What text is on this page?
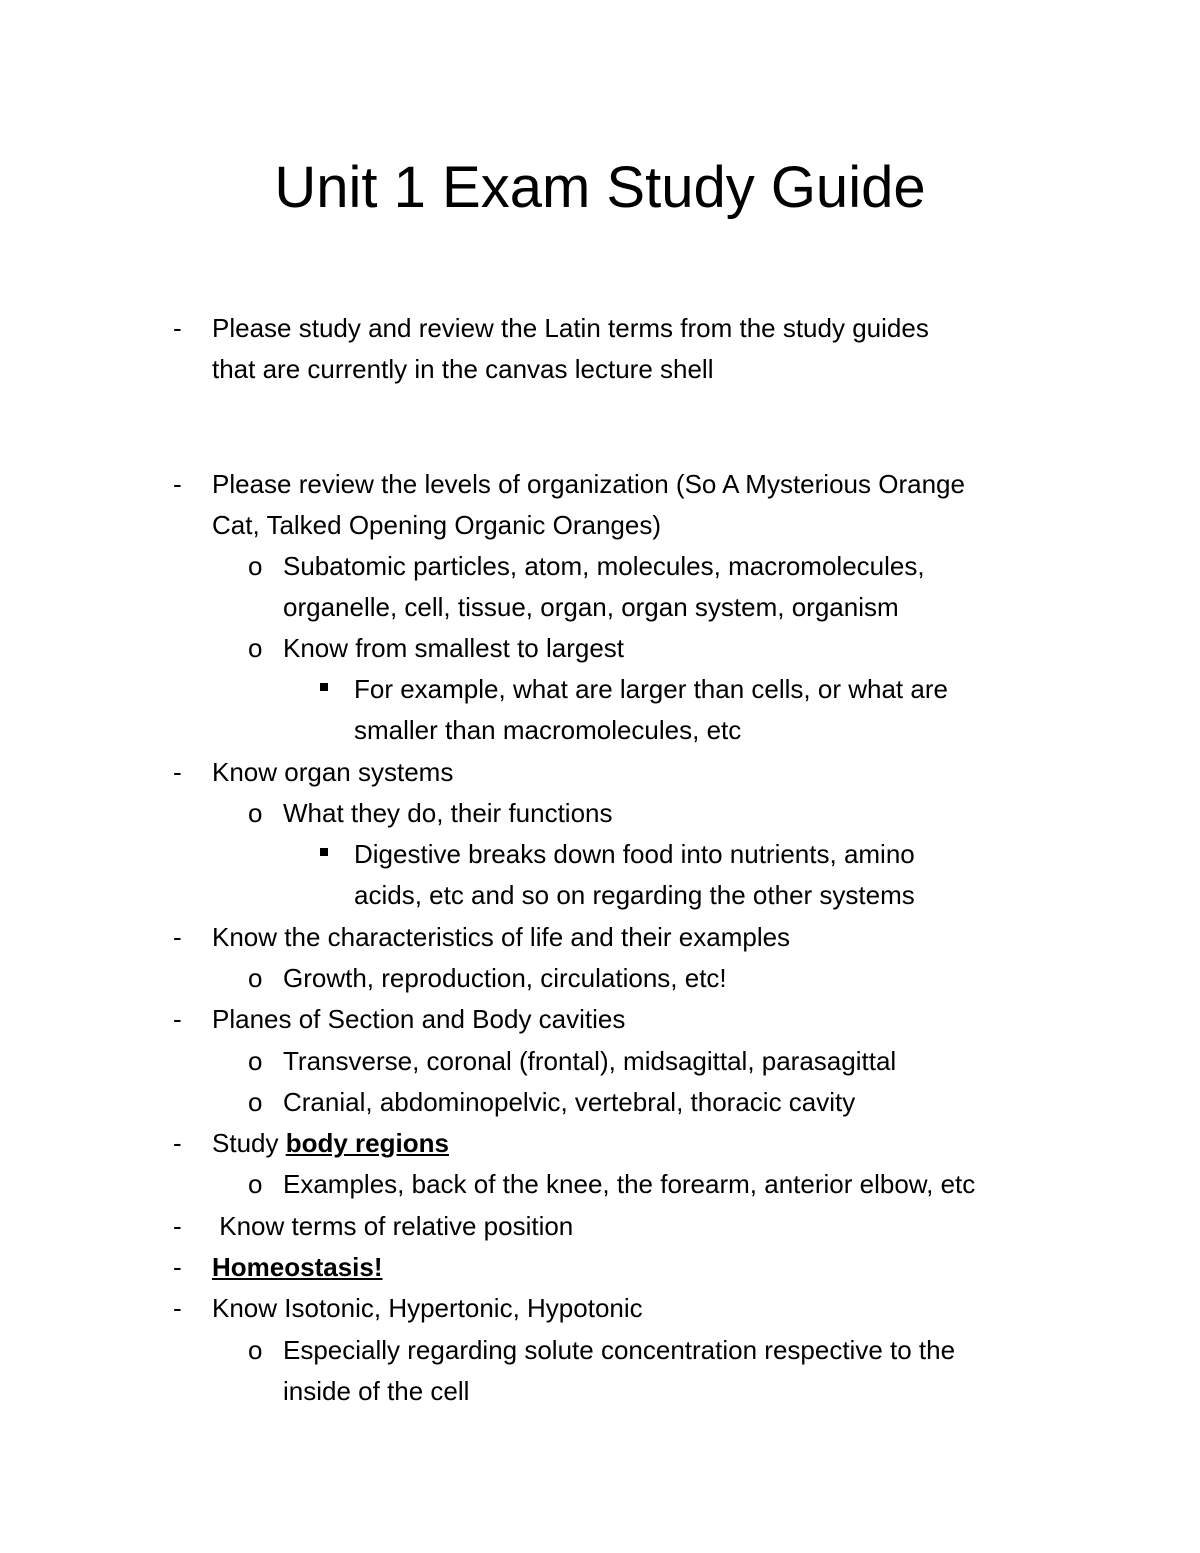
Unit 1 Exam Study Guide
- Please study and review the Latin terms from the study guides
that are currently in the canvas lecture shell
- Please review the levels of organization (So A Mysterious Orange
Cat, Talked Opening Organic Oranges)
o Subatomic particles, atom, molecules, macromolecules,
organelle, cell, tissue, organ, organ system, organism
o Know from smallest to largest
For example, what are larger than cells, or what are
smaller than macromolecules, etc
- Know organ systems
o What they do, their functions
Digestive breaks down food into nutrients, amino
acids, etc and so on regarding the other systems
- Know the characteristics of life and their examples
o Growth, reproduction, circulations, etc!
- Planes of Section and Body cavities
o Transverse, coronal (frontal), midsagittal, parasagittal
o Cranial, abdominopelvic, vertebral, thoracic cavity
- Study body regions
o Examples, back of the knee, the forearm, anterior elbow, etc
- Know terms of relative position
- Homeostasis!
- Know Isotonic, Hypertonic, Hypotonic
o Especially regarding solute concentration respective to the
inside of the cell
